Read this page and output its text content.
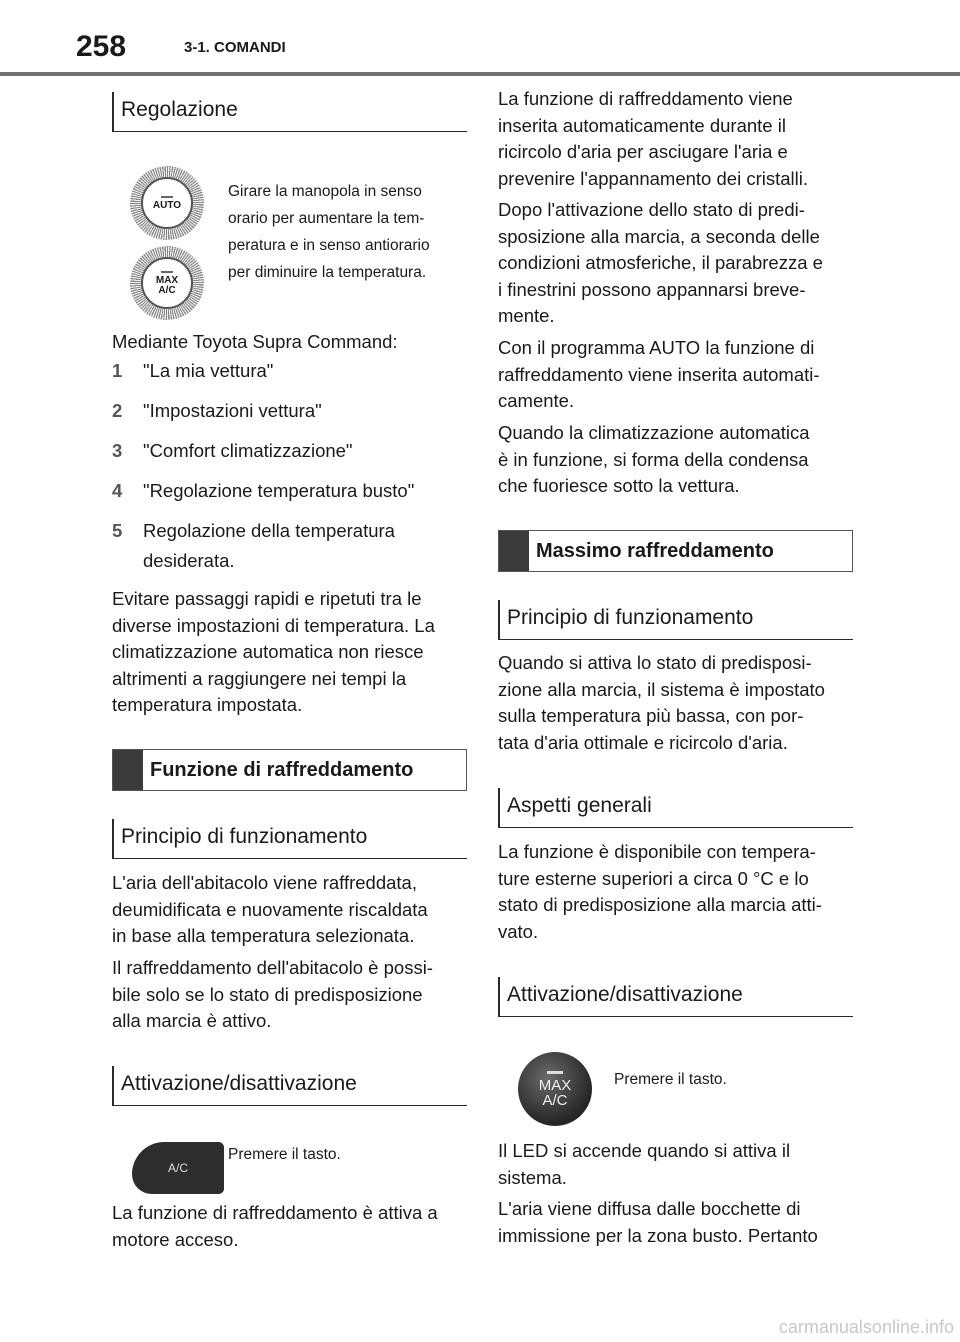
258	3-1. COMANDI
Regolazione
AUTO
MAX
A/C
Girare la manopola in senso
orario per aumentare la tem-
peratura e in senso antiorario
per diminuire la temperatura.
Mediante Toyota Supra Command:
1 "La mia vettura"
2 "Impostazioni vettura"
3 "Comfort climatizzazione"
4 "Regolazione temperatura busto"
5 Regolazione della temperatura
desiderata.
Evitare passaggi rapidi e ripetuti tra le
diverse impostazioni di temperatura. La
climatizzazione automatica non riesce
altrimenti a raggiungere nei tempi la
temperatura impostata.
Funzione di raffreddamento
Principio di funzionamento
L'aria dell'abitacolo viene raffreddata,
deumidificata e nuovamente riscaldata
in base alla temperatura selezionata.
Il raffreddamento dell'abitacolo è possi-
bile solo se lo stato di predisposizione
alla marcia è attivo.
Attivazione/disattivazione
A/C
Premere il tasto.
La funzione di raffreddamento è attiva a
motore acceso.
La funzione di raffreddamento viene
inserita automaticamente durante il
ricircolo d'aria per asciugare l'aria e
prevenire l'appannamento dei cristalli.
Dopo l'attivazione dello stato di predi-
sposizione alla marcia, a seconda delle
condizioni atmosferiche, il parabrezza e
i finestrini possono appannarsi breve-
mente.
Con il programma AUTO la funzione di
raffreddamento viene inserita automati-
camente.
Quando la climatizzazione automatica
è in funzione, si forma della condensa
che fuoriesce sotto la vettura.
Massimo raffreddamento
Principio di funzionamento
Quando si attiva lo stato di predisposi-
zione alla marcia, il sistema è impostato
sulla temperatura più bassa, con por-
tata d'aria ottimale e ricircolo d'aria.
Aspetti generali
La funzione è disponibile con tempera-
ture esterne superiori a circa 0 °C e lo
stato di predisposizione alla marcia atti-
vato.
Attivazione/disattivazione
MAX
A/C
Premere il tasto.
Il LED si accende quando si attiva il
sistema.
L'aria viene diffusa dalle bocchette di
immissione per la zona busto. Pertanto
carmanualsonline.info
